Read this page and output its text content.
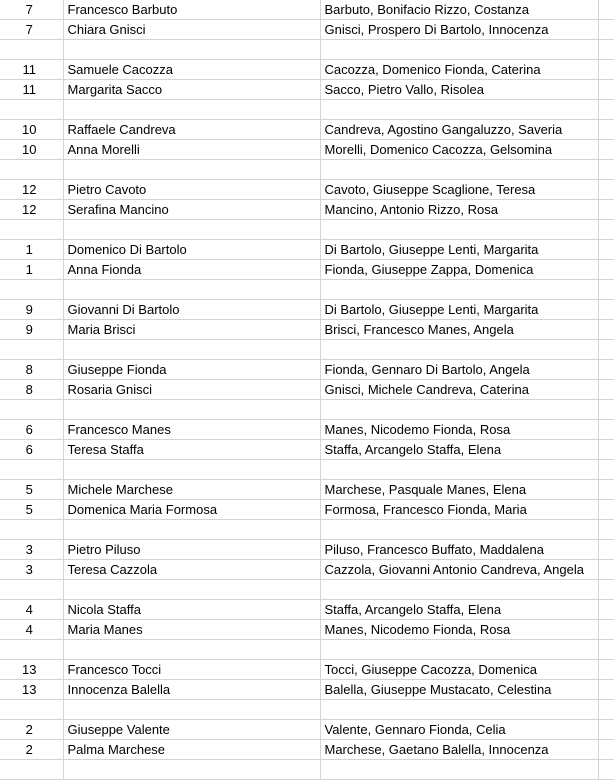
7	Francesco Barbuto	Barbuto, Bonifacio Rizzo, Costanza	
7	Chiara Gnisci	Gnisci, Prospero Di Bartolo, Innocenza	

11	Samuele Cacozza	Cacozza, Domenico Fionda, Caterina	
11	Margarita Sacco	Sacco, Pietro Vallo, Risolea	

10	Raffaele Candreva	Candreva, Agostino Gangaluzzo, Saveria	
10	Anna Morelli	Morelli, Domenico Cacozza, Gelsomina	

12	Pietro Cavoto	Cavoto, Giuseppe Scaglione, Teresa	
12	Serafina Mancino	Mancino, Antonio Rizzo, Rosa	

1	Domenico Di Bartolo	Di Bartolo, Giuseppe Lenti, Margarita	
1	Anna Fionda	Fionda, Giuseppe Zappa, Domenica	

9	Giovanni Di Bartolo	Di Bartolo, Giuseppe Lenti, Margarita	
9	Maria Brisci	Brisci, Francesco Manes, Angela	

8	Giuseppe Fionda	Fionda, Gennaro Di Bartolo, Angela	
8	Rosaria Gnisci	Gnisci, Michele Candreva, Caterina	

6	Francesco Manes	Manes, Nicodemo Fionda, Rosa	
6	Teresa Staffa	Staffa, Arcangelo Staffa, Elena	

5	Michele Marchese	Marchese, Pasquale Manes, Elena	
5	Domenica Maria Formosa	Formosa, Francesco Fionda, Maria	

3	Pietro Piluso	Piluso, Francesco Buffato, Maddalena	
3	Teresa Cazzola	Cazzola, Giovanni Antonio Candreva, Angela	

4	Nicola Staffa	Staffa, Arcangelo Staffa, Elena	
4	Maria Manes	Manes, Nicodemo Fionda, Rosa	

13	Francesco Tocci	Tocci, Giuseppe Cacozza, Domenica	
13	Innocenza Balella	Balella, Giuseppe Mustacato, Celestina	

2	Giuseppe Valente	Valente, Gennaro Fionda, Celia	
2	Palma Marchese	Marchese, Gaetano Balella, Innocenza	
